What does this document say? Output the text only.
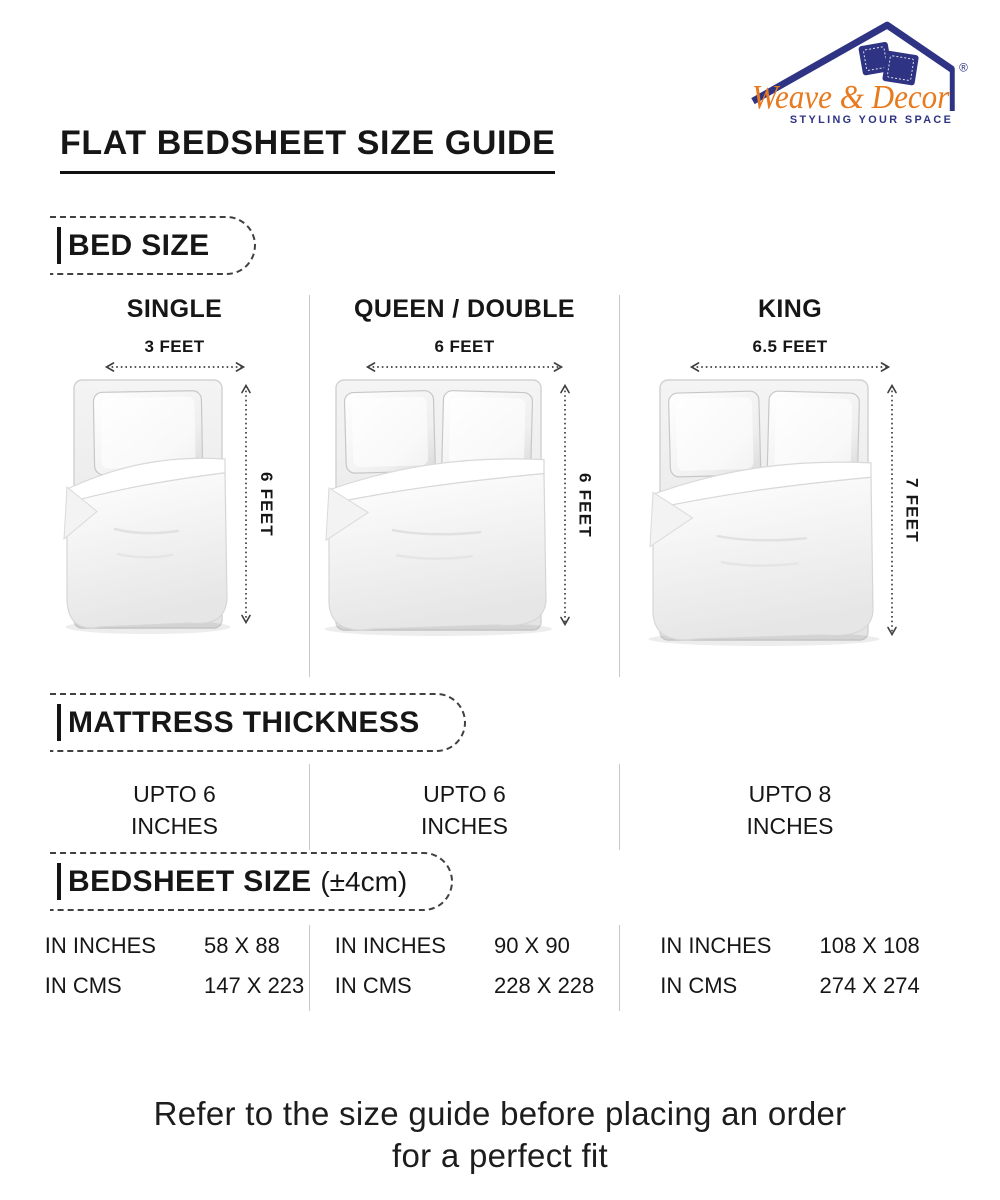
®
Weave & Decor
STYLING YOUR SPACE
FLAT BEDSHEET SIZE GUIDE
BED SIZE
SINGLE
3 FEET
6 FEET
QUEEN / DOUBLE
6 FEET
6 FEET
KING
6.5 FEET
7 FEET
MATTRESS THICKNESS
UPTO 6
INCHES
UPTO 6
INCHES
UPTO 8
INCHES
BEDSHEET SIZE (±4cm)
IN INCHES 58 X 88
IN CMS	147 X 223
IN INCHES 90 X 90
IN CMS	228 X 228
IN INCHES 108 X 108
IN CMS	274 X 274
Refer to the size guide before placing an order
for a perfect fit
